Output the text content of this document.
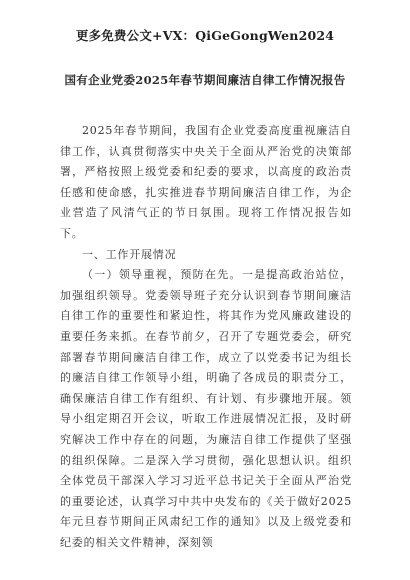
更多免费公文+VX：QiGeGongWen2024
国有企业党委2025年春节期间廉洁自律工作情况报告

2025年春节期间，我国有企业党委高度重视廉洁自律工作，认真贯彻落实中央关于全面从严治党的决策部署，严格按照上级党委和纪委的要求，以高度的政治责任感和使命感，扎实推进春节期间廉洁自律工作，为企业营造了风清气正的节日氛围。现将工作情况报告如下。

一、工作开展情况

（一）领导重视，预防在先。一是提高政治站位，加强组织领导。党委领导班子充分认识到春节期间廉洁自律工作的重要性和紧迫性，将其作为党风廉政建设的重要任务来抓。在春节前夕，召开了专题党委会，研究部署春节期间廉洁自律工作，成立了以党委书记为组长的廉洁自律工作领导小组，明确了各成员的职责分工，确保廉洁自律工作有组织、有计划、有步骤地开展。领导小组定期召开会议，听取工作进展情况汇报，及时研究解决工作中存在的问题，为廉洁自律工作提供了坚强的组织保障。二是深入学习贯彻，强化思想认识。组织全体党员干部深入学习习近平总书记关于全面从严治党的重要论述，认真学习中共中央发布的《关于做好2025年元旦春节期间正风肃纪工作的通知》以及上级党委和纪委的相关文件精神，深刻领
